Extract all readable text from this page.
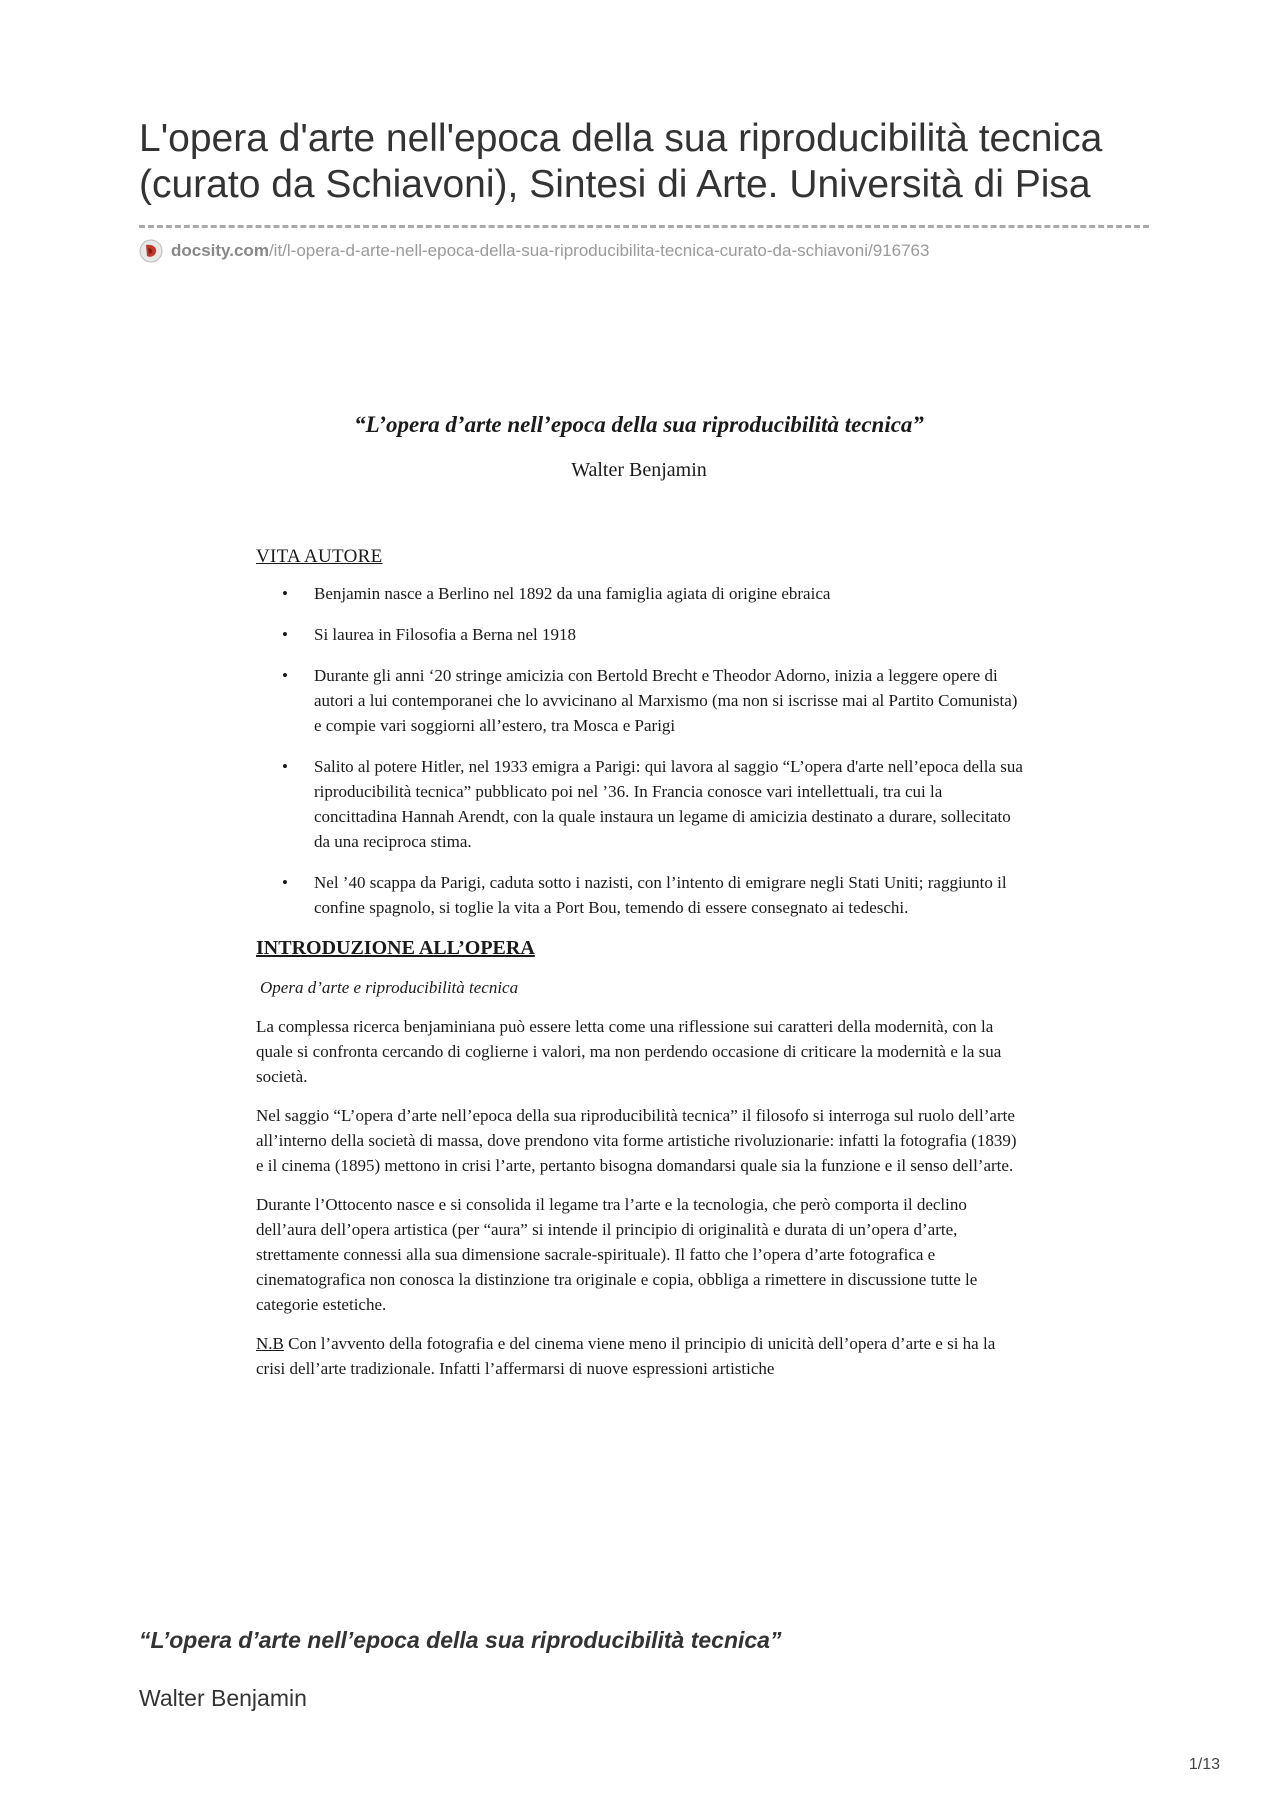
L'opera d'arte nell'epoca della sua riproducibilità tecnica (curato da Schiavoni), Sintesi di Arte. Università di Pisa
docsity.com /it/l-opera-d-arte-nell-epoca-della-sua-riproducibilita-tecnica-curato-da-schiavoni/916763

“L’opera d’arte nell’epoca della sua riproducibilità tecnica”

Walter Benjamin

VITA AUTORE
• Benjamin nasce a Berlino nel 1892 da una famiglia agiata di origine ebraica
• Si laurea in Filosofia a Berna nel 1918
• Durante gli anni ‘20 stringe amicizia con Bertold Brecht e Theodor Adorno, inizia a leggere opere di autori a lui contemporanei che lo avvicinano al Marxismo (ma non si iscrisse mai al Partito Comunista) e compie vari soggiorni all’estero, tra Mosca e Parigi
• Salito al potere Hitler, nel 1933 emigra a Parigi: qui lavora al saggio “L’opera d'arte nell’epoca della sua riproducibilità tecnica” pubblicato poi nel ’36. In Francia conosce vari intellettuali, tra cui la concittadina Hannah Arendt, con la quale instaura un legame di amicizia destinato a durare, sollecitato da una reciproca stima.
• Nel ’40 scappa da Parigi, caduta sotto i nazisti, con l’intento di emigrare negli Stati Uniti; raggiunto il confine spagnolo, si toglie la vita a Port Bou, temendo di essere consegnato ai tedeschi.
INTRODUZIONE ALL’OPERA
Opera d’arte e riproducibilità tecnica

La complessa ricerca benjaminiana può essere letta come una riflessione sui caratteri della modernità, con la quale si confronta cercando di coglierne i valori, ma non perdendo occasione di criticare la modernità e la sua società.

Nel saggio “L’opera d’arte nell’epoca della sua riproducibilità tecnica” il filosofo si interroga sul ruolo dell’arte all’interno della società di massa, dove prendono vita forme artistiche rivoluzionarie: infatti la fotografia (1839) e il cinema (1895) mettono in crisi l’arte, pertanto bisogna domandarsi quale sia la funzione e il senso dell’arte.

Durante l’Ottocento nasce e si consolida il legame tra l’arte e la tecnologia, che però comporta il declino dell’aura dell’opera artistica (per “aura” si intende il principio di originalità e durata di un’opera d’arte, strettamente connessi alla sua dimensione sacrale-spirituale). Il fatto che l’opera d’arte fotografica e cinematografica non conosca la distinzione tra originale e copia, obbliga a rimettere in discussione tutte le categorie estetiche.

N.B Con l’avvento della fotografia e del cinema viene meno il principio di unicità dell’opera d’arte e si ha la crisi dell’arte tradizionale. Infatti l’affermarsi di nuove espressioni artistiche

“L’opera d’arte nell’epoca della sua riproducibilità tecnica”

Walter Benjamin

1/13
